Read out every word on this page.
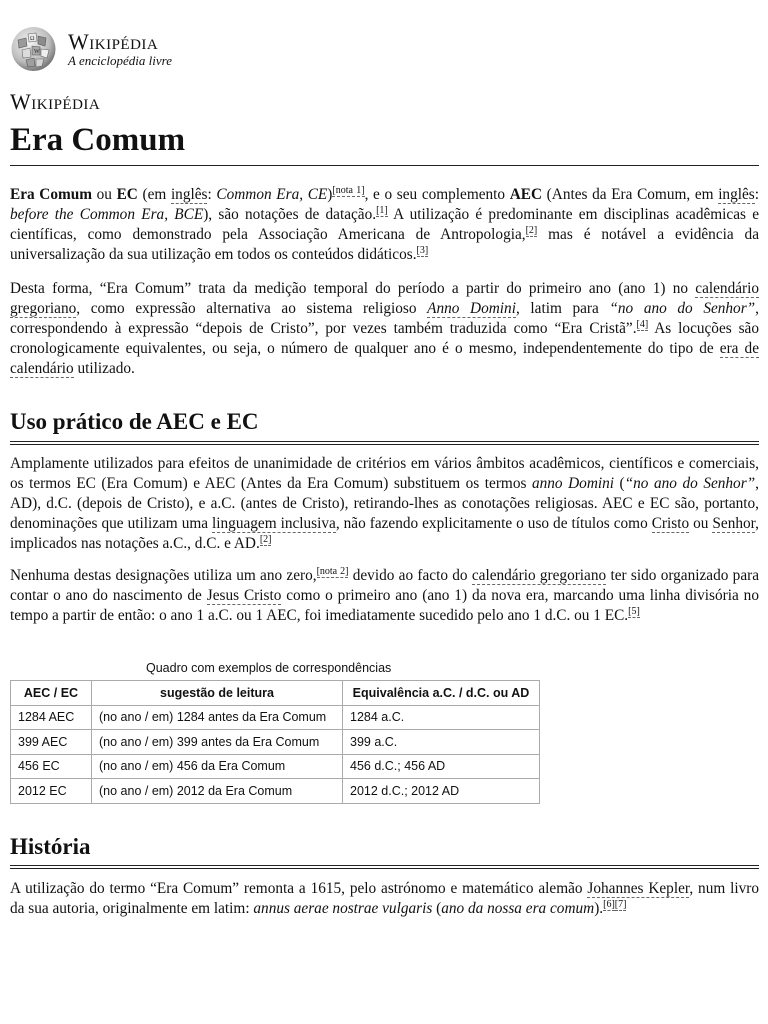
Ω
W Wikipédia
A enciclopédia livre
Wikipédia
Era Comum

Era Comum ou EC (em inglês: Common Era, CE)[nota 1], e o seu complemento AEC (Antes da Era Comum, em inglês: before the Common Era, BCE), são notações de datação.[1] A utilização é predominante em disciplinas acadêmicas e científicas, como demonstrado pela Associação Americana de Antropologia,[2] mas é notável a evidência da universalização da sua utilização em todos os conteúdos didáticos.[3]

Desta forma, “Era Comum” trata da medição temporal do período a partir do primeiro ano (ano 1) no calendário gregoriano, como expressão alternativa ao sistema religioso Anno Domini, latim para “no ano do Senhor”, correspondendo à expressão “depois de Cristo”, por vezes também traduzida como “Era Cristã”.[4] As locuções são cronologicamente equivalentes, ou seja, o número de qualquer ano é o mesmo, independentemente do tipo de era de calendário utilizado.

Uso prático de AEC e EC

Amplamente utilizados para efeitos de unanimidade de critérios em vários âmbitos acadêmicos, científicos e comerciais, os termos EC (Era Comum) e AEC (Antes da Era Comum) substituem os termos anno Domini (“no ano do Senhor”, AD), d.C. (depois de Cristo), e a.C. (antes de Cristo), retirando-lhes as conotações religiosas. AEC e EC são, portanto, denominações que utilizam uma linguagem inclusiva, não fazendo explicitamente o uso de títulos como Cristo ou Senhor, implicados nas notações a.C., d.C. e AD.[2]

Nenhuma destas designações utiliza um ano zero,[nota 2] devido ao facto do calendário gregoriano ter sido organizado para contar o ano do nascimento de Jesus Cristo como o primeiro ano (ano 1) da nova era, marcando uma linha divisória no tempo a partir de então: o ano 1 a.C. ou 1 AEC, foi imediatamente sucedido pelo ano 1 d.C. ou 1 EC.[5]

Quadro com exemplos de correspondências
AEC / EC	sugestão de leitura	Equivalência a.C. / d.C. ou AD
1284 AEC	(no ano / em) 1284 antes da Era Comum	1284 a.C.
399 AEC	(no ano / em) 399 antes da Era Comum	399 a.C.
456 EC	(no ano / em) 456 da Era Comum	456 d.C.; 456 AD
2012 EC	(no ano / em) 2012 da Era Comum	2012 d.C.; 2012 AD
História

A utilização do termo “Era Comum” remonta a 1615, pelo astrónomo e matemático alemão Johannes Kepler, num livro da sua autoria, originalmente em latim: annus aerae nostrae vulgaris (ano da nossa era comum).[6][7]
